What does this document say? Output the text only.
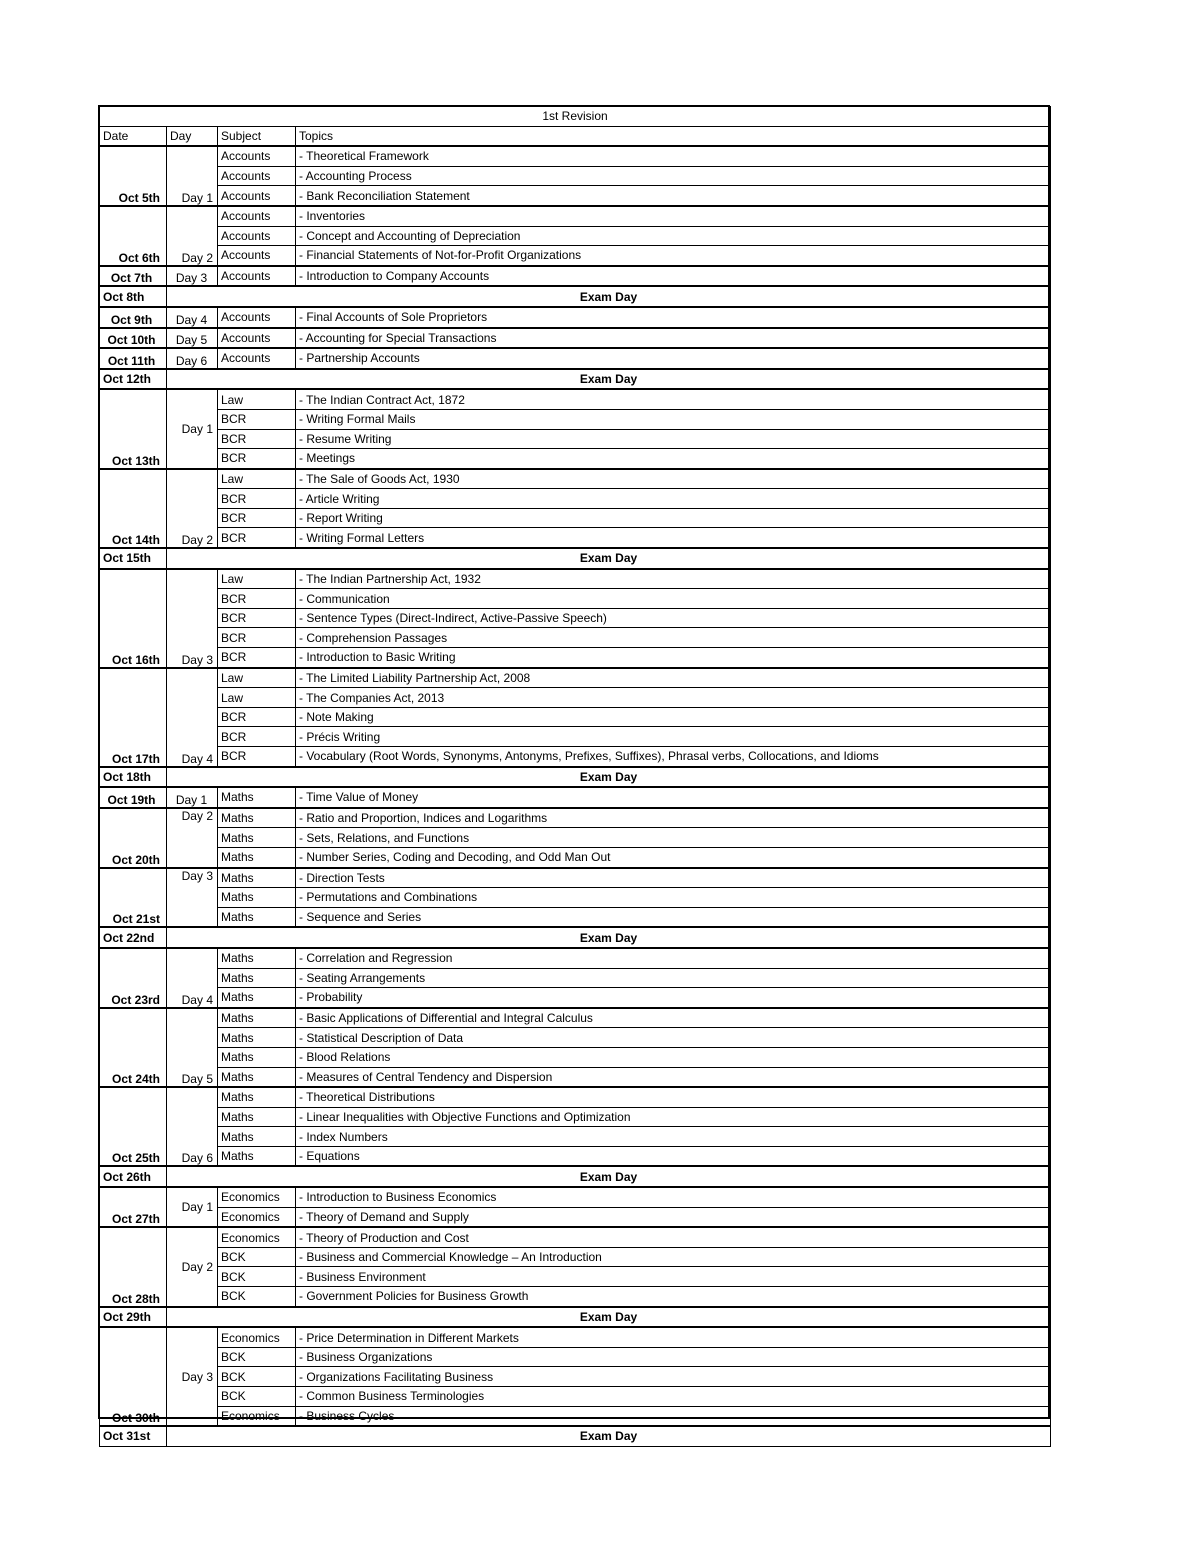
1st Revision			
Date	Day	Subject	Topics
Oct 5th	Day 1	Accounts	- Theoretical Framework
		Accounts	- Accounting Process
		Accounts	- Bank Reconciliation Statement
Oct 6th	Day 2	Accounts	- Inventories
		Accounts	- Concept and Accounting of Depreciation
		Accounts	- Financial Statements of Not-for-Profit Organizations
Oct 7th	Day 3	Accounts	- Introduction to Company Accounts
Oct 8th	Exam Day		
Oct 9th	Day 4	Accounts	- Final Accounts of Sole Proprietors
Oct 10th	Day 5	Accounts	- Accounting for Special Transactions
Oct 11th	Day 6	Accounts	- Partnership Accounts
Oct 12th	Exam Day		
Oct 13th	Day 1	Law	- The Indian Contract Act, 1872
		BCR	- Writing Formal Mails
		BCR	- Resume Writing
		BCR	- Meetings
Oct 14th	Day 2	Law	- The Sale of Goods Act, 1930
		BCR	- Article Writing
		BCR	- Report Writing
		BCR	- Writing Formal Letters
Oct 15th	Exam Day		
Oct 16th	Day 3	Law	- The Indian Partnership Act, 1932
		BCR	- Communication
		BCR	- Sentence Types (Direct-Indirect, Active-Passive Speech)
		BCR	- Comprehension Passages
		BCR	- Introduction to Basic Writing
Oct 17th	Day 4	Law	- The Limited Liability Partnership Act, 2008
		Law	- The Companies Act, 2013
		BCR	- Note Making
		BCR	- Précis Writing
		BCR	- Vocabulary (Root Words, Synonyms, Antonyms, Prefixes, Suffixes), Phrasal verbs, Collocations, and Idioms
Oct 18th	Exam Day		
Oct 19th	Day 1	Maths	- Time Value of Money
Oct 20th	Day 2	Maths	- Ratio and Proportion, Indices and Logarithms
		Maths	- Sets, Relations, and Functions
		Maths	- Number Series, Coding and Decoding, and Odd Man Out
Oct 21st	Day 3	Maths	- Direction Tests
		Maths	- Permutations and Combinations
		Maths	- Sequence and Series
Oct 22nd	Exam Day		
Oct 23rd	Day 4	Maths	- Correlation and Regression
		Maths	- Seating Arrangements
		Maths	- Probability
Oct 24th	Day 5	Maths	- Basic Applications of Differential and Integral Calculus
		Maths	- Statistical Description of Data
		Maths	- Blood Relations
		Maths	- Measures of Central Tendency and Dispersion
Oct 25th	Day 6	Maths	- Theoretical Distributions
		Maths	- Linear Inequalities with Objective Functions and Optimization
		Maths	- Index Numbers
		Maths	- Equations
Oct 26th	Exam Day		
Oct 27th	Day 1	Economics	- Introduction to Business Economics
		Economics	- Theory of Demand and Supply
Oct 28th	Day 2	Economics	- Theory of Production and Cost
		BCK	- Business and Commercial Knowledge – An Introduction
		BCK	- Business Environment
		BCK	- Government Policies for Business Growth
Oct 29th	Exam Day		
Oct 30th	Day 3	Economics	- Price Determination in Different Markets
		BCK	- Business Organizations
		BCK	- Organizations Facilitating Business
		BCK	- Common Business Terminologies
		Economics	- Business Cycles
Oct 31st	Exam Day		
